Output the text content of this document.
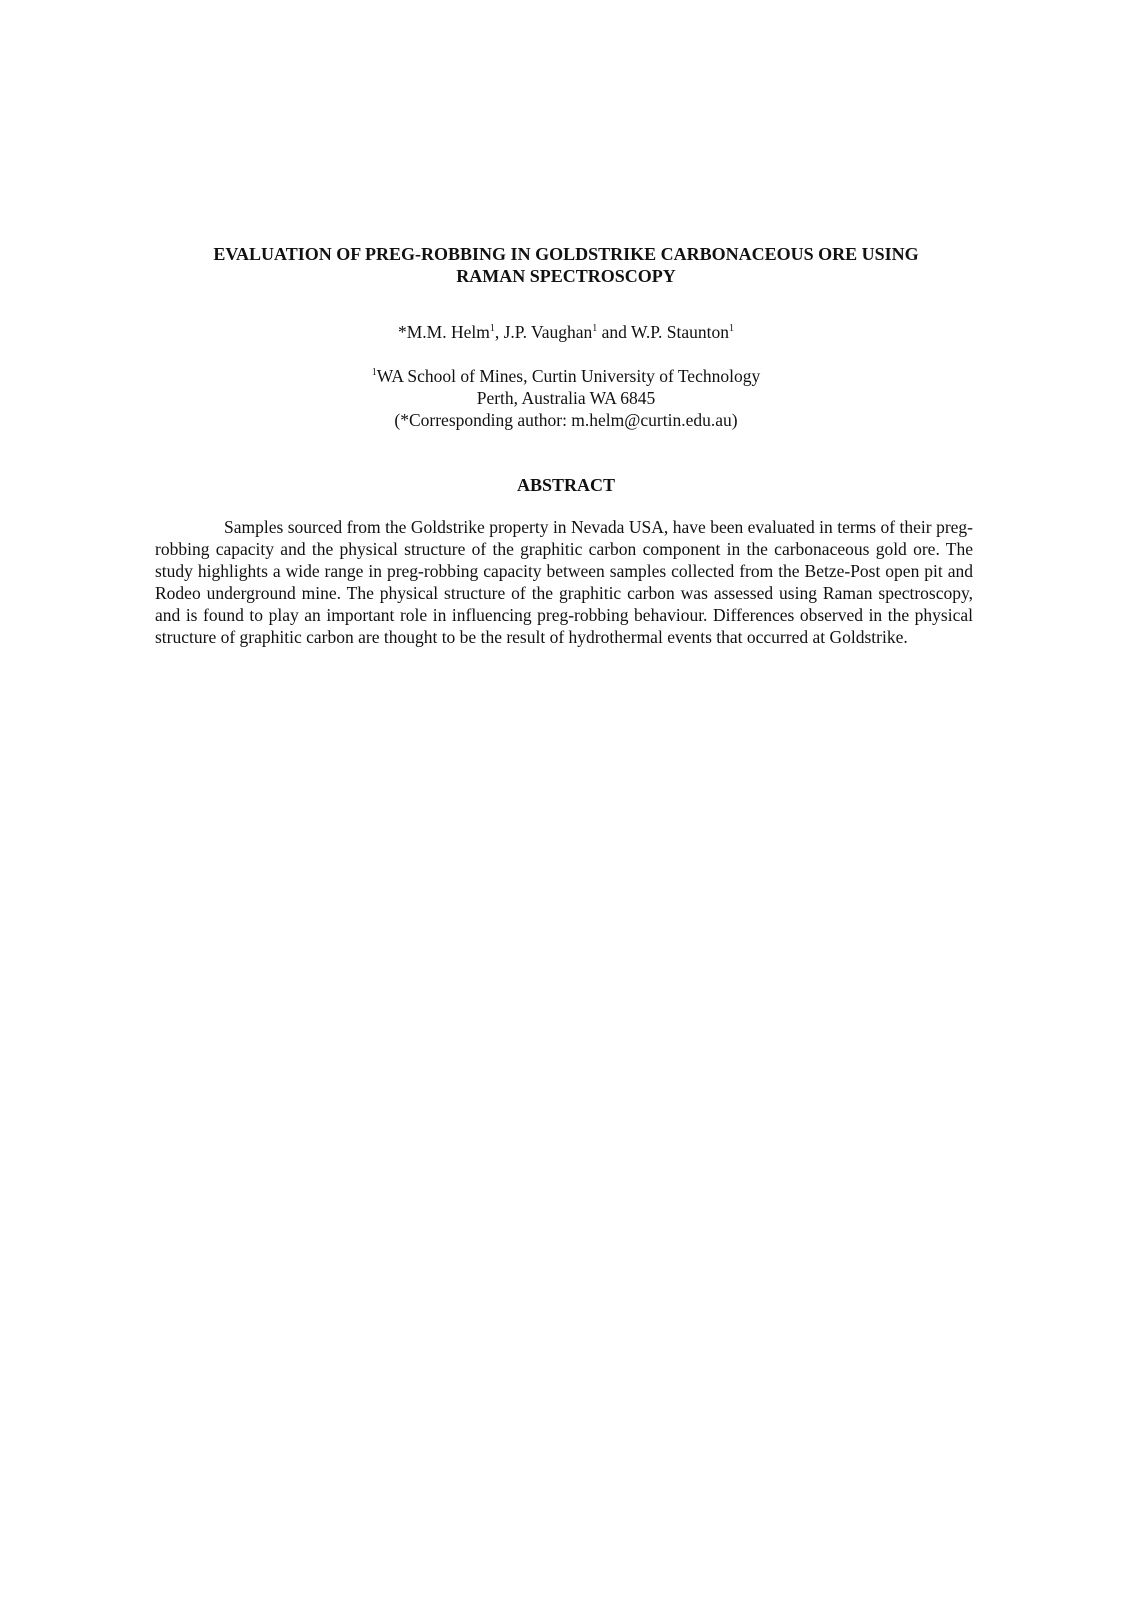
EVALUATION OF PREG-ROBBING IN GOLDSTRIKE CARBONACEOUS ORE USING
RAMAN SPECTROSCOPY
*M.M. Helm$^1$, J.P. Vaughan$^1$ and W.P. Staunton$^1$
$^1$WA School of Mines, Curtin University of Technology
Perth, Australia WA 6845
(*Corresponding author: m.helm@curtin.edu.au)
ABSTRACT

Samples sourced from the Goldstrike property in Nevada USA, have been evaluated in terms of their preg-robbing capacity and the physical structure of the graphitic carbon component in the carbonaceous gold ore. The study highlights a wide range in preg-robbing capacity between samples collected from the Betze-Post open pit and Rodeo underground mine. The physical structure of the graphitic carbon was assessed using Raman spectroscopy, and is found to play an important role in influencing preg-robbing behaviour. Differences observed in the physical structure of graphitic carbon are thought to be the result of hydrothermal events that occurred at Goldstrike.
